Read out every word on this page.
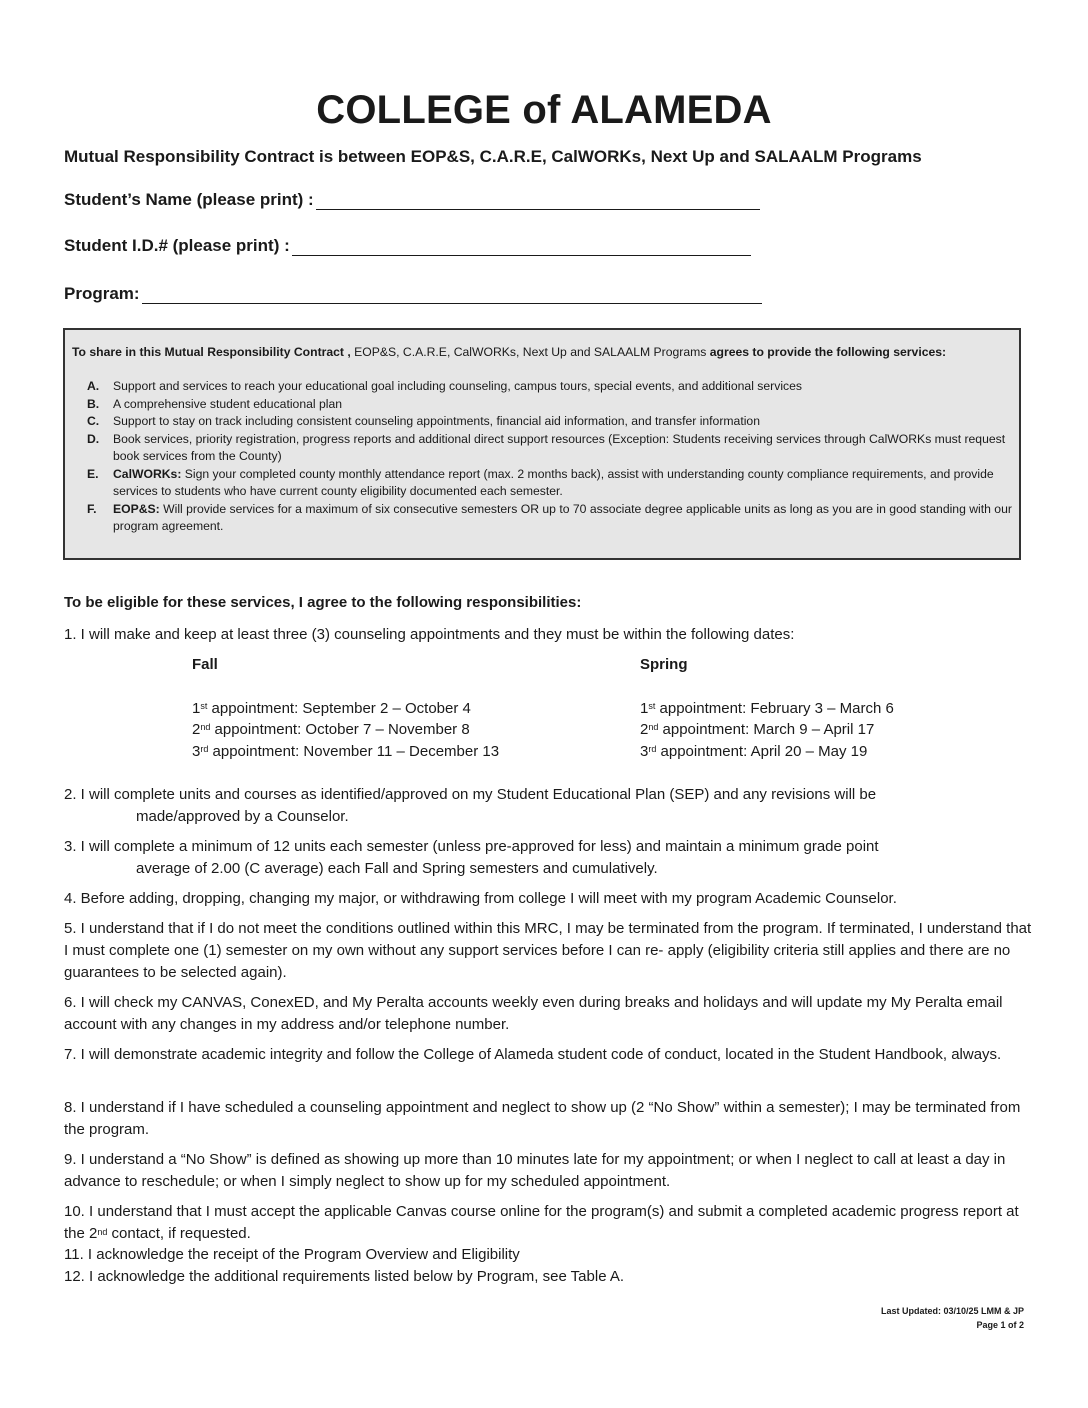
COLLEGE of ALAMEDA
Mutual Responsibility Contract is between EOP&S, C.A.R.E, CalWORKs, Next Up and SALAALM Programs
Student’s Name (please print) :
Student I.D.# (please print) :
Program:
To share in this Mutual Responsibility Contract , EOP&S, C.A.R.E, CalWORKs, Next Up and SALAALM Programs agrees to provide the following services:
A.	Support and services to reach your educational goal including counseling, campus tours, special events, and additional services
B.	A comprehensive student educational plan
C.	Support to stay on track including consistent counseling appointments, financial aid information, and transfer information
D.	Book services, priority registration, progress reports and additional direct support resources (Exception: Students receiving services through CalWORKs must request book services from the County)
E.	CalWORKs: Sign your completed county monthly attendance report (max. 2 months back), assist with understanding county compliance requirements, and provide services to students who have current county eligibility documented each semester.
F.	EOP&S: Will provide services for a maximum of six consecutive semesters OR up to 70 associate degree applicable units as long as you are in good standing with our program agreement.
To be eligible for these services, I agree to the following responsibilities:
1. I will make and keep at least three (3) counseling appointments and they must be within the following dates:
Fall
1st appointment: September 2 – October 4
2nd appointment: October 7 – November 8
3rd appointment: November 11 – December 13
Spring
1st appointment: February 3 – March 6
2nd appointment: March 9 – April 17
3rd appointment: April 20 – May 19
2. I will complete units and courses as identified/approved on my Student Educational Plan (SEP) and any revisions will be
made/approved by a Counselor.
3. I will complete a minimum of 12 units each semester (unless pre-approved for less) and maintain a minimum grade point
average of 2.00 (C average) each Fall and Spring semesters and cumulatively.
4. Before adding, dropping, changing my major, or withdrawing from college I will meet with my program Academic Counselor.
5. I understand that if I do not meet the conditions outlined within this MRC, I may be terminated from the program. If terminated, I understand that I must complete one (1) semester on my own without any support services before I can re- apply (eligibility criteria still applies and there are no guarantees to be selected again).
6. I will check my CANVAS, ConexED, and My Peralta accounts weekly even during breaks and holidays and will update my My Peralta email account with any changes in my address and/or telephone number.
7. I will demonstrate academic integrity and follow the College of Alameda student code of conduct, located in the Student Handbook, always.
8. I understand if I have scheduled a counseling appointment and neglect to show up (2 “No Show” within a semester); I may be terminated from the program.
9. I understand a “No Show” is defined as showing up more than 10 minutes late for my appointment; or when I neglect to call at least a day in advance to reschedule; or when I simply neglect to show up for my scheduled appointment.
10. I understand that I must accept the applicable Canvas course online for the program(s) and submit a completed academic progress report at the 2nd contact, if requested.
11. I acknowledge the receipt of the Program Overview and Eligibility
12. I acknowledge the additional requirements listed below by Program, see Table A.
Last Updated: 03/10/25 LMM & JP
Page 1 of 2
